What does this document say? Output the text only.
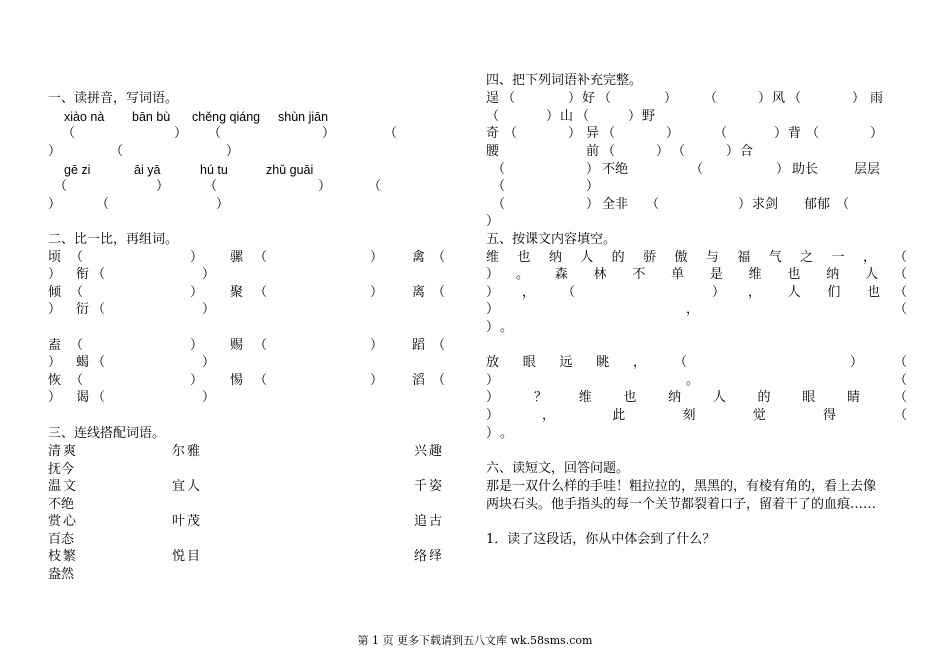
一、读拼音，写词语。
xiào nà bān bù chěng qiáng shùn jiān
（	） （	）	（
）	（	）
gē zi	āi yā	hú tu	zhǔ guāi
（	）	（	）	（
）	（	）
二、比一比，再组词。
顷 （	） 骡 （	） 禽 （
） 衔 （	）
倾 （	） 聚 （	） 离 （
） 衍 （	）
盍 （	） 赐 （	） 蹈 （
） 蝎 （	）
恢 （	） 惕 （	） 滔 （
） 谒 （	）
三、连线搭配词语。
清爽	尔雅	兴趣
抚今
温文	宜人	千姿
不绝
赏心	叶茂	追古
百态
枝繁	悦目	络绎
盎然
四、把下列词语补充完整。
逞 （	） 好 （	） （	） 风 （	） 雨
（	） 山 （	） 野
奇 （	） 异 （	）	（	） 背 （	）
腰	前 （	） （	） 合
（	） 不绝	（	） 助长	层层
（	）
（	） 全非 （	） 求剑 郁郁 （
）
五、按课文内容填空。
维也纳人的骄傲与福气之一， （
） 。森林不单是维也纳人 （
） ， （	） ，人们也 （
）	，	（
） 。
放眼远眺， （	） （
）	。	（
）	？维也纳人的眼睛	（
）	，此刻觉得	（
） 。
六、读短文，回答问题。
那是一双什么样的手哇！粗拉拉的，黑黑的，有棱有角的，看上去像
两块石头。他手指头的每一个关节都裂着口子，留着干了的血痕……
1．读了这段话，你从中体会到了什么？
第 1 页 更多下载请到五八文库 wk.58sms.com
